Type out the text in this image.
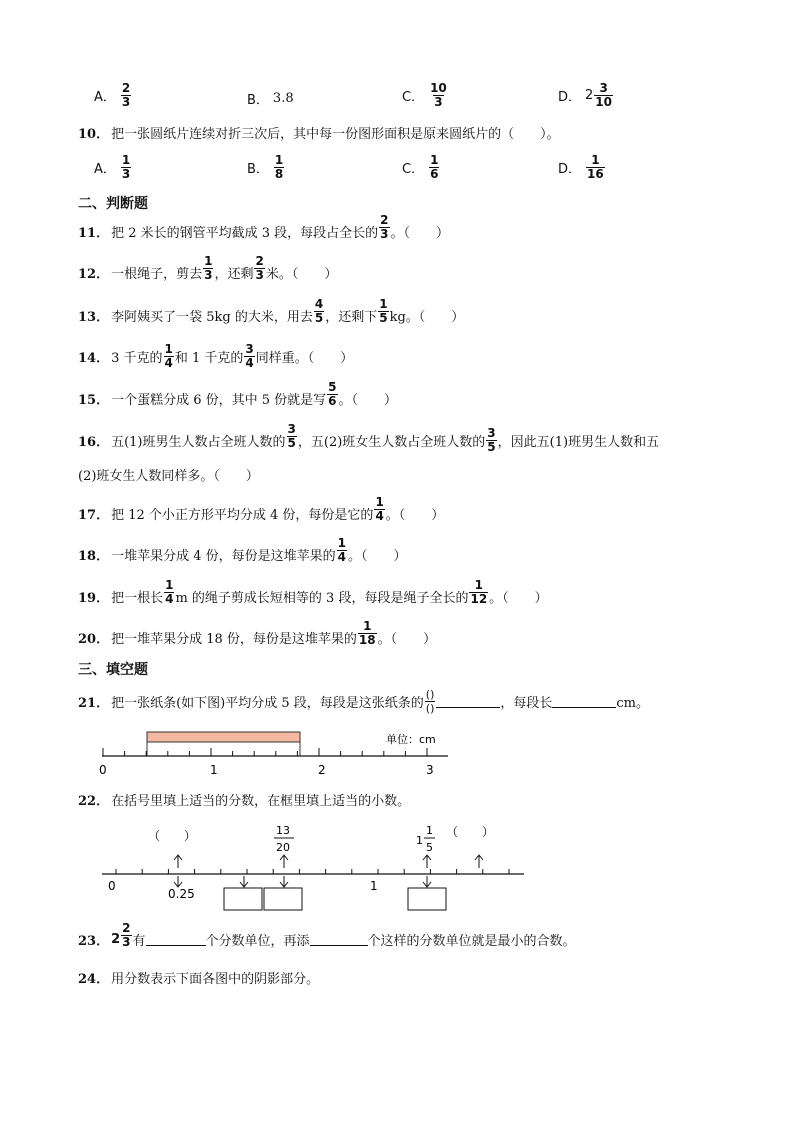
A． $\frac{2}{3}$	B． 3.8	C． $\frac{10}{3}$	D． $2 \frac{3}{10}$
10． 把一张圆纸片连续对折三次后，其中每一份图形面积是原来圆纸片的（　　）。
A． $\frac{1}{3}$	B． $\frac{1}{8}$	C． $\frac{1}{6}$	D． $\frac{1}{16}$
二、判断题
11． 把 2 米长的钢管平均截成 3 段，每段占全长的 $\frac{2}{3}$ 。（　　）
12． 一根绳子，剪去 $\frac{1}{3}$ ，还剩 $\frac{2}{3}$ 米。（　　）
13． 李阿姨买了一袋 5kg 的大米，用去 $\frac{4}{5}$ ，还剩下 $\frac{1}{5}$ kg。（　　）
14． 3 千克的 $\frac{1}{4}$ 和 1 千克的 $\frac{3}{4}$ 同样重。（　　）
15． 一个蛋糕分成 6 份，其中 5 份就是写 $\frac{5}{6}$ 。（　　）
16． 五(1)班男生人数占全班人数的 $\frac{3}{5}$ ，五(2)班女生人数占全班人数的 $\frac{3}{5}$ ，因此五(1)班男生人数和五
(2)班女生人数同样多。（　　）
17． 把 12 个小正方形平均分成 4 份，每份是它的 $\frac{1}{4}$ 。（　　）
18． 一堆苹果分成 4 份，每份是这堆苹果的 $\frac{1}{4}$ 。（　　）
19． 把一根长 $\frac{1}{4}$ m 的绳子剪成长短相等的 3 段，每段是绳子全长的 $\frac{1}{12}$ 。（　　）
20． 把一堆苹果分成 18 份，每份是这堆苹果的 $\frac{1}{18}$ 。（　　）
三、填空题
21． 把一张纸条(如下图)平均分成 5 段，每段是这张纸条的 $\frac{()}{()}$	，每段长	cm。
0	1	2	3
单位：cm
22． 在括号里填上适当的分数，在框里填上适当的小数。
0
0.25
1
（　　）	（　　）
13
20
1
1
5
23． $2 \frac{2}{3}$ 有	个分数单位，再添	个这样的分数单位就是最小的合数。
24． 用分数表示下面各图中的阴影部分。
